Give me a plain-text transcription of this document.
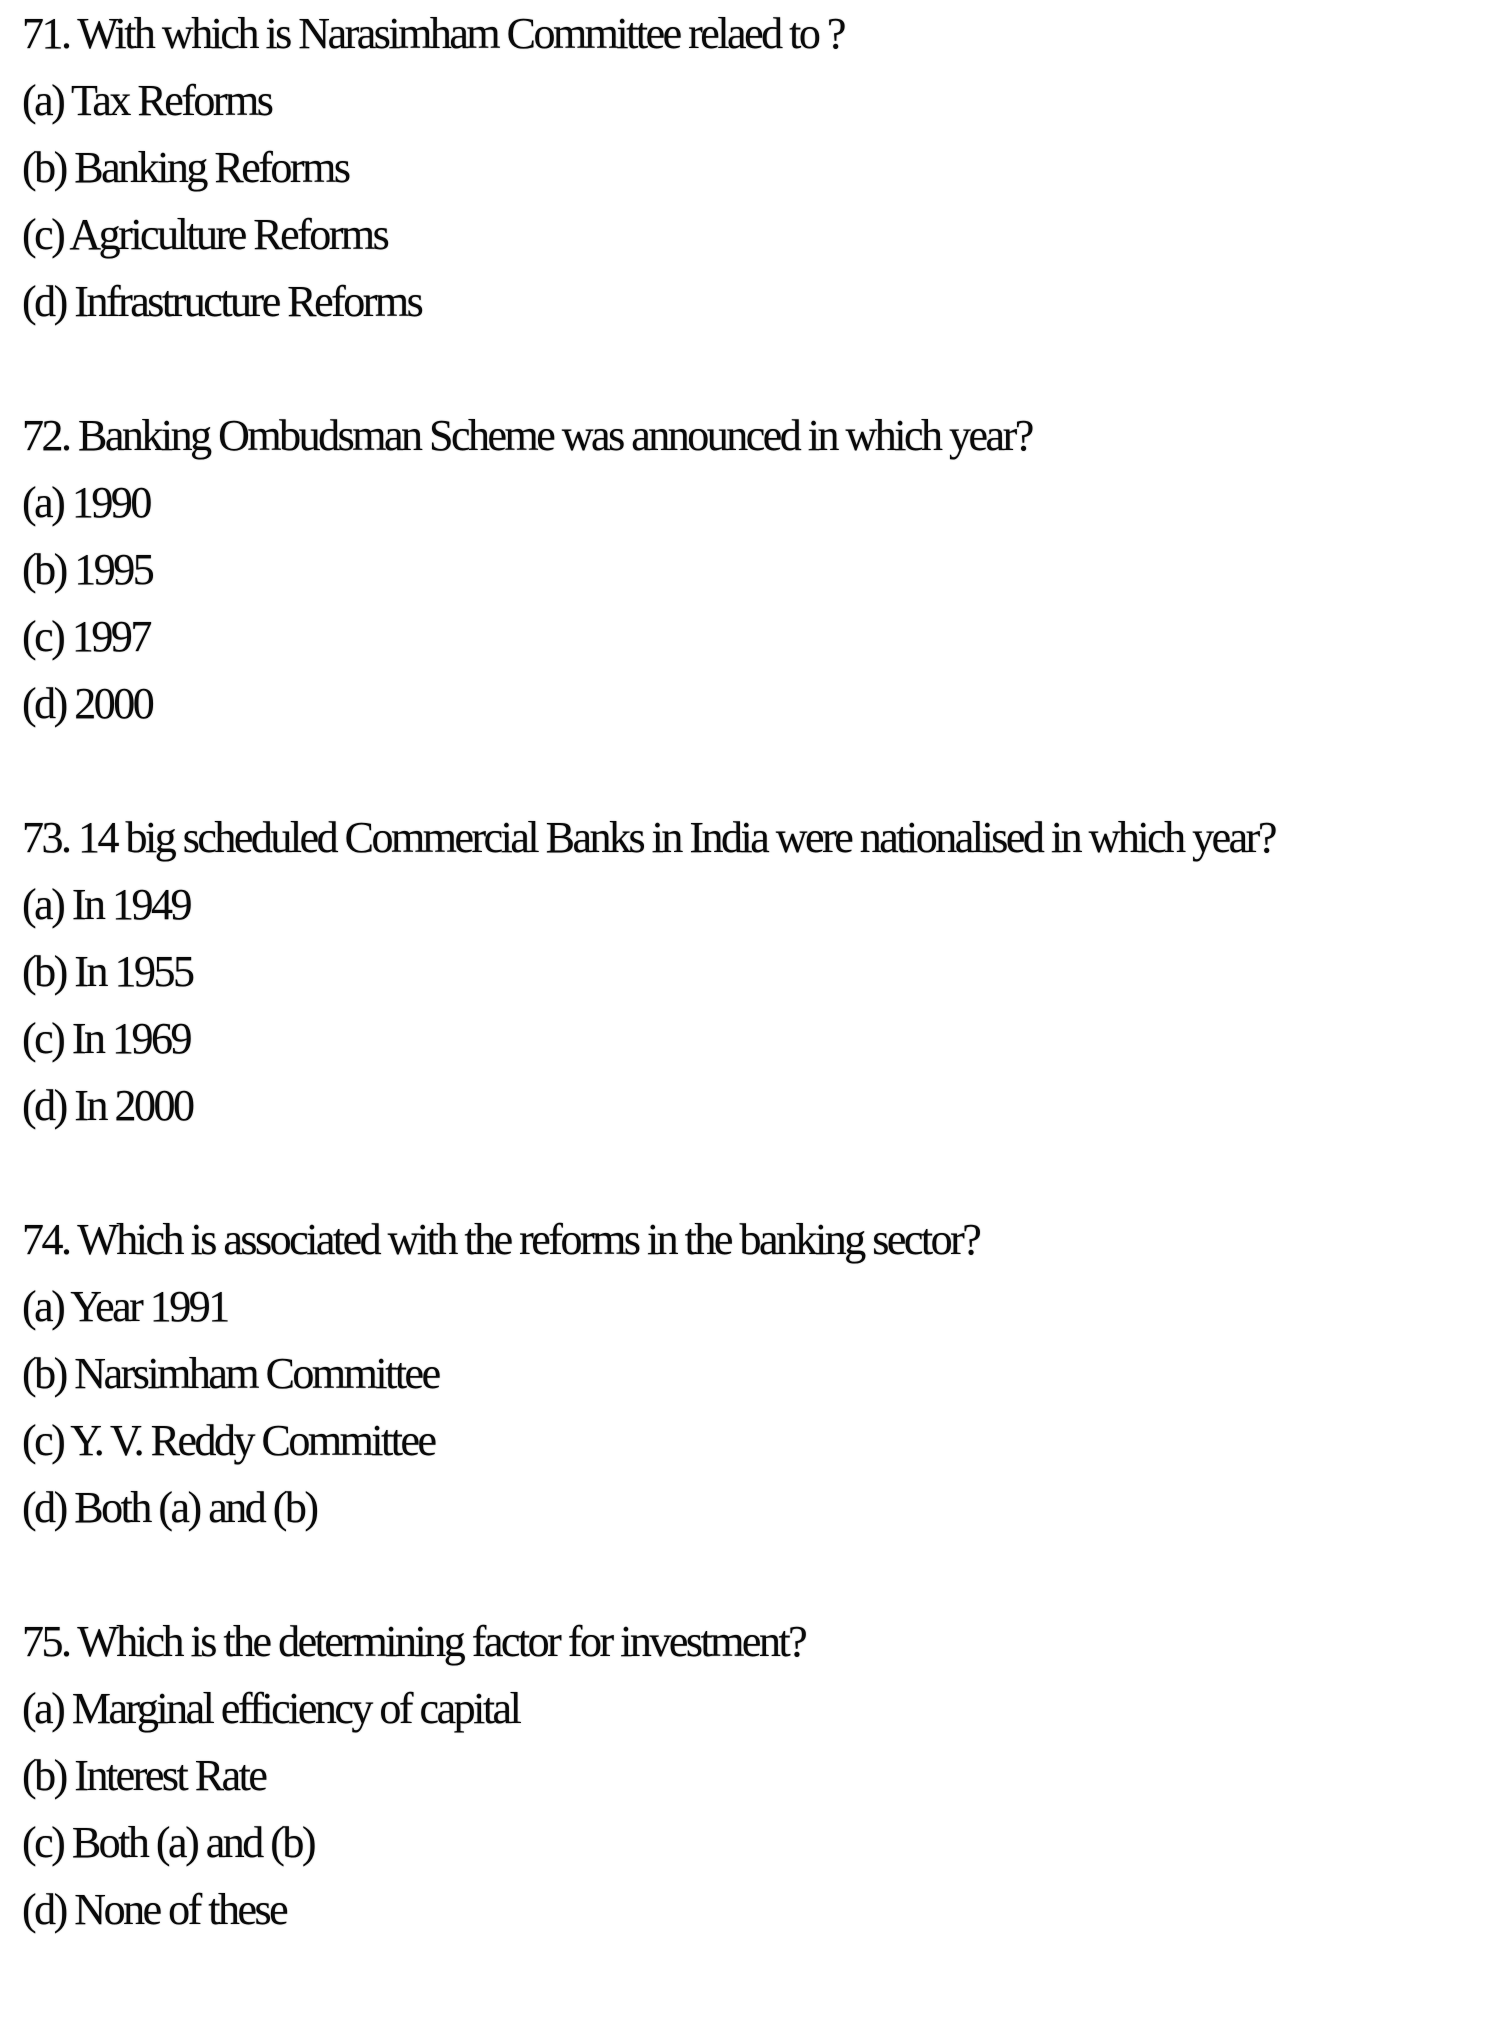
71. With which is Narasimham Committee relaed to ?
(a) Tax Reforms
(b) Banking Reforms
(c) Agriculture Reforms
(d) Infrastructure Reforms
72. Banking Ombudsman Scheme was announced in which year?
(a) 1990
(b) 1995
(c) 1997
(d) 2000
73. 14 big scheduled Commercial Banks in India were nationalised in which year?
(a) In 1949
(b) In 1955
(c) In 1969
(d) In 2000
74. Which is associated with the reforms in the banking sector?
(a) Year 1991
(b) Narsimham Committee
(c) Y. V. Reddy Committee
(d) Both (a) and (b)
75. Which is the determining factor for investment?
(a) Marginal efficiency of capital
(b) Interest Rate
(c) Both (a) and (b)
(d) None of these
